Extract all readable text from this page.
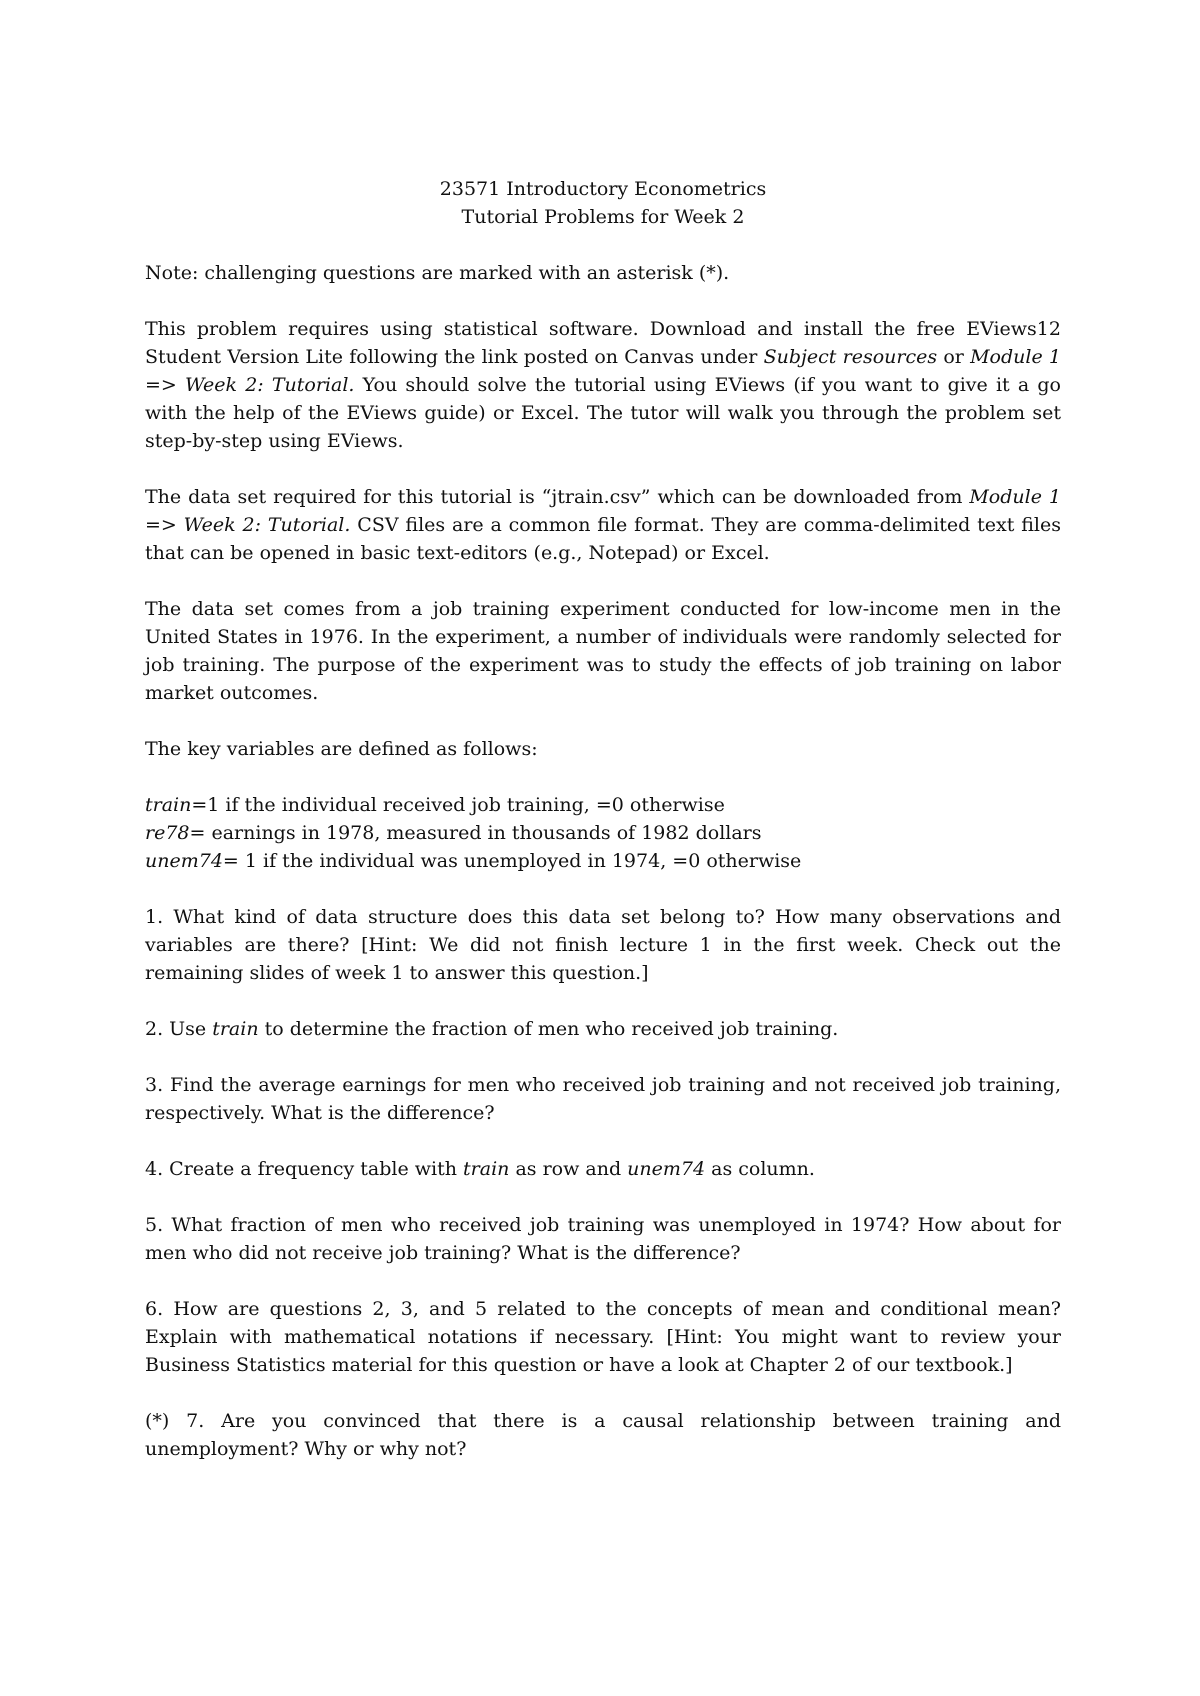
23571 Introductory Econometrics
Tutorial Problems for Week 2

Note: challenging questions are marked with an asterisk (*).

This problem requires using statistical software. Download and install the free EViews12 Student Version Lite following the link posted on Canvas under Subject resources or Module 1 => Week 2: Tutorial. You should solve the tutorial using EViews (if you want to give it a go with the help of the EViews guide) or Excel. The tutor will walk you through the problem set step-by-step using EViews.

The data set required for this tutorial is “jtrain.csv” which can be downloaded from Module 1 => Week 2: Tutorial. CSV files are a common file format. They are comma-delimited text files that can be opened in basic text-editors (e.g., Notepad) or Excel.

The data set comes from a job training experiment conducted for low-income men in the United States in 1976. In the experiment, a number of individuals were randomly selected for job training. The purpose of the experiment was to study the effects of job training on labor market outcomes.

The key variables are defined as follows:

train=1 if the individual received job training, =0 otherwise

re78= earnings in 1978, measured in thousands of 1982 dollars

unem74= 1 if the individual was unemployed in 1974, =0 otherwise

1. What kind of data structure does this data set belong to? How many observations and variables are there? [Hint: We did not finish lecture 1 in the first week. Check out the remaining slides of week 1 to answer this question.]

2. Use train to determine the fraction of men who received job training.

3. Find the average earnings for men who received job training and not received job training, respectively. What is the difference?

4. Create a frequency table with train as row and unem74 as column.

5. What fraction of men who received job training was unemployed in 1974? How about for men who did not receive job training? What is the difference?

6. How are questions 2, 3, and 5 related to the concepts of mean and conditional mean? Explain with mathematical notations if necessary. [Hint: You might want to review your Business Statistics material for this question or have a look at Chapter 2 of our textbook.]

(*) 7. Are you convinced that there is a causal relationship between training and unemployment? Why or why not?
